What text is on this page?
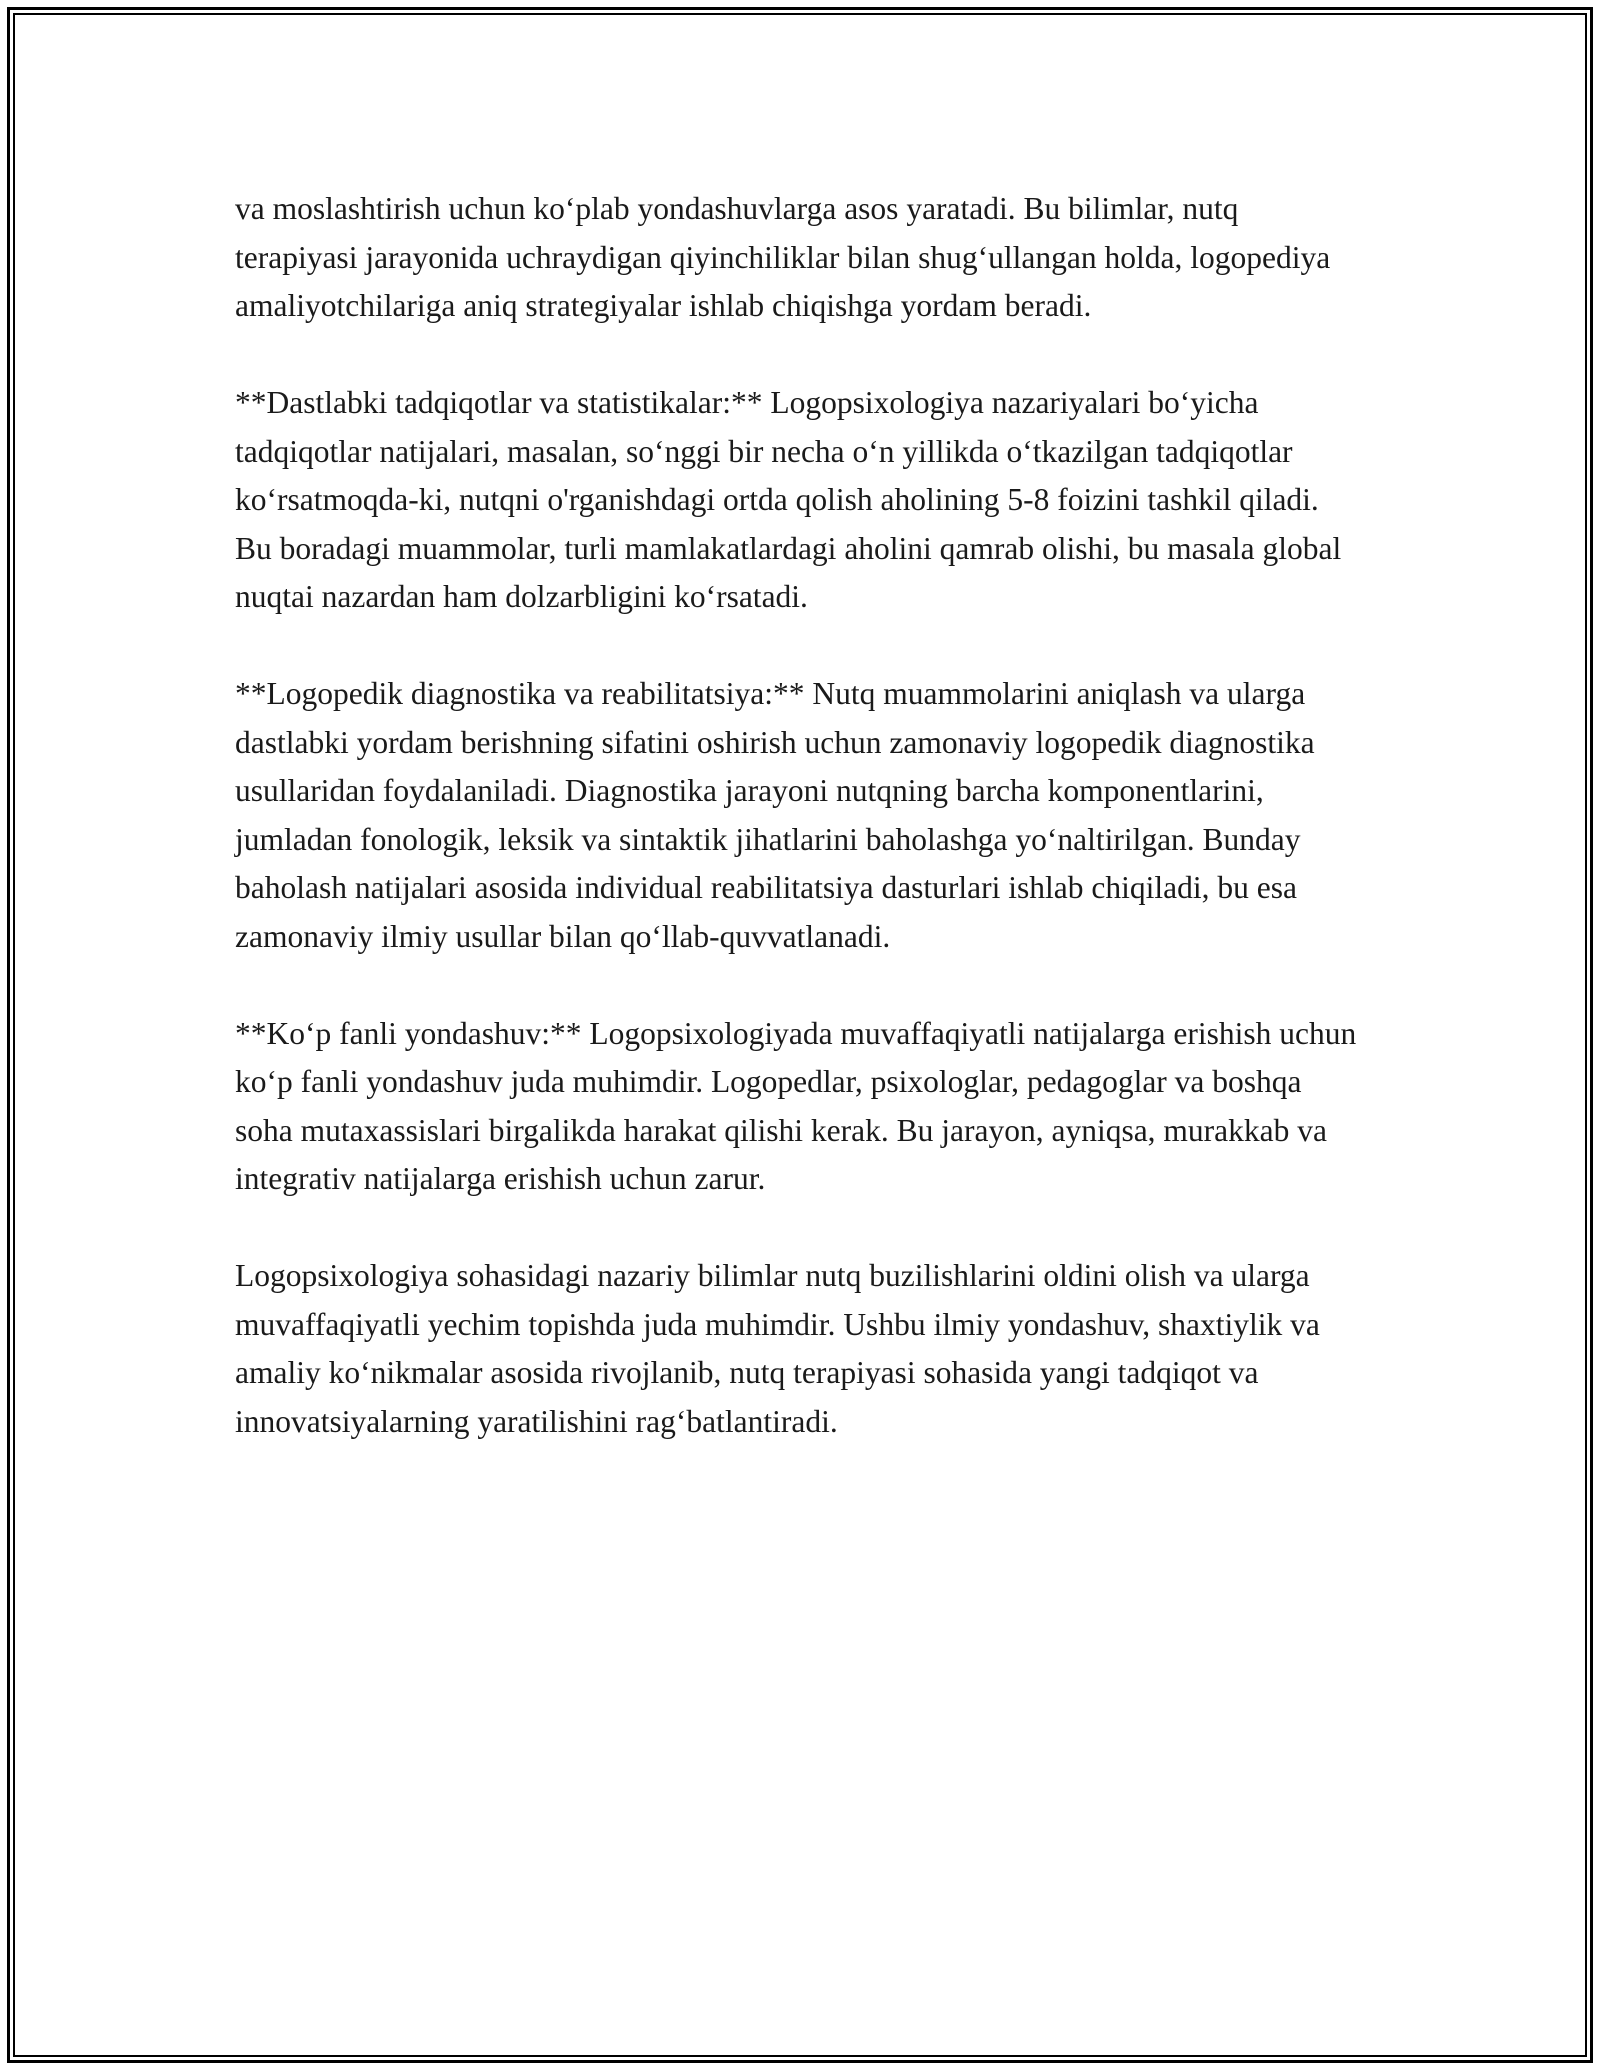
va moslashtirish uchun ko‘plab yondashuvlarga asos yaratadi. Bu bilimlar, nutq terapiyasi jarayonida uchraydigan qiyinchiliklar bilan shug‘ullangan holda, logopediya amaliyotchilariga aniq strategiyalar ishlab chiqishga yordam beradi.

**Dastlabki tadqiqotlar va statistikalar:** Logopsixologiya nazariyalari bo‘yicha tadqiqotlar natijalari, masalan, so‘nggi bir necha o‘n yillikda o‘tkazilgan tadqiqotlar ko‘rsatmoqda-ki, nutqni o'rganishdagi ortda qolish aholining 5-8 foizini tashkil qiladi. Bu boradagi muammolar, turli mamlakatlardagi aholini qamrab olishi, bu masala global nuqtai nazardan ham dolzarbligini ko‘rsatadi.

**Logopedik diagnostika va reabilitatsiya:** Nutq muammolarini aniqlash va ularga dastlabki yordam berishning sifatini oshirish uchun zamonaviy logopedik diagnostika usullaridan foydalaniladi. Diagnostika jarayoni nutqning barcha komponentlarini, jumladan fonologik, leksik va sintaktik jihatlarini baholashga yo‘naltirilgan. Bunday baholash natijalari asosida individual reabilitatsiya dasturlari ishlab chiqiladi, bu esa zamonaviy ilmiy usullar bilan qo‘llab-quvvatlanadi.

**Ko‘p fanli yondashuv:** Logopsixologiyada muvaffaqiyatli natijalarga erishish uchun ko‘p fanli yondashuv juda muhimdir. Logopedlar, psixologlar, pedagoglar va boshqa soha mutaxassislari birgalikda harakat qilishi kerak. Bu jarayon, ayniqsa, murakkab va integrativ natijalarga erishish uchun zarur.

Logopsixologiya sohasidagi nazariy bilimlar nutq buzilishlarini oldini olish va ularga muvaffaqiyatli yechim topishda juda muhimdir. Ushbu ilmiy yondashuv, shaxtiylik va amaliy ko‘nikmalar asosida rivojlanib, nutq terapiyasi sohasida yangi tadqiqot va innovatsiyalarning yaratilishini rag‘batlantiradi.
